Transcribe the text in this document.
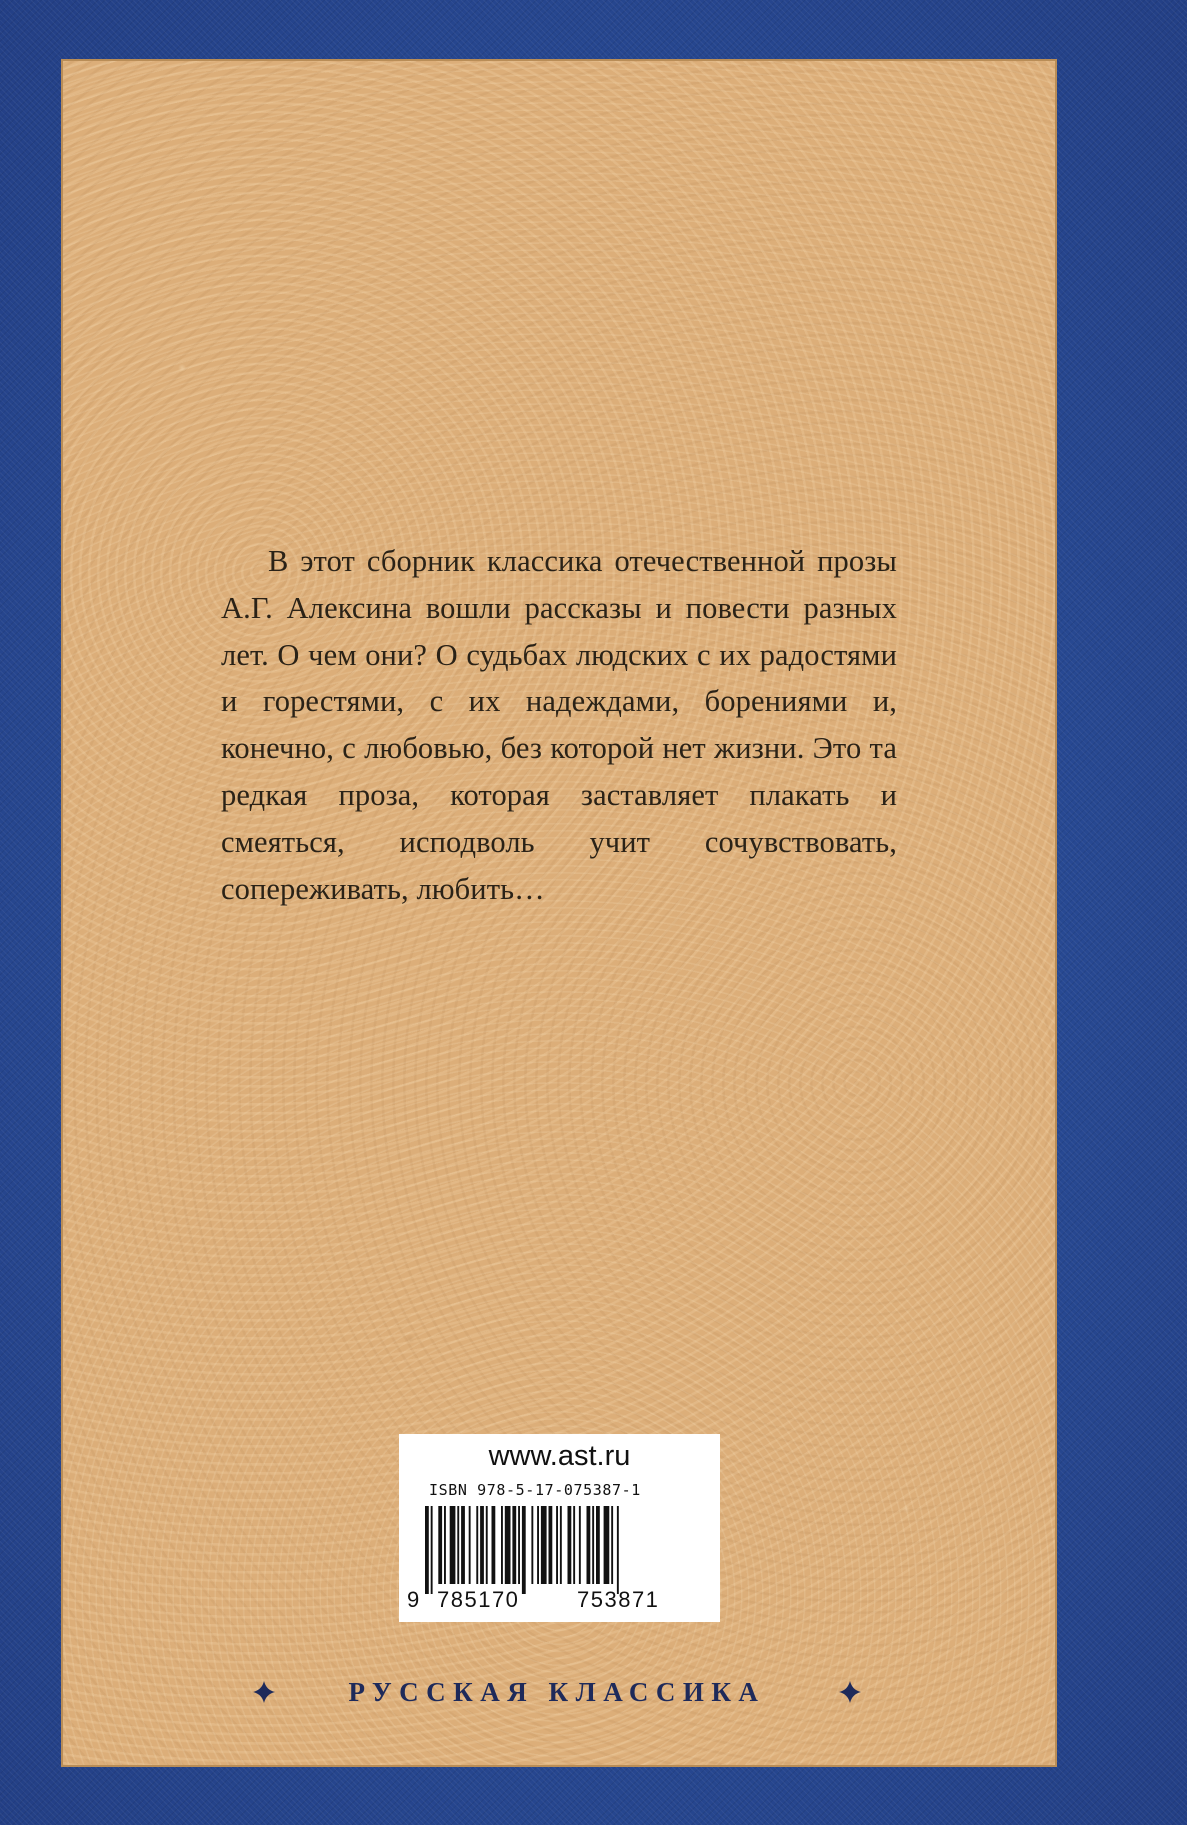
В этот сборник классика отечественной прозы А.Г. Алексина вошли рассказы и повести разных лет. О чем они? О судьбах людских с их радостями и горестями, с их надеждами, борениями и, конечно, с любовью, без которой нет жизни. Это та редкая проза, которая заставляет плакать и смеяться, исподволь учит сочувствовать, сопереживать, любить…

www.ast.ru
ISBN 978-5-17-075387-1
9 785170	753871
РУССКАЯ КЛАССИКА
